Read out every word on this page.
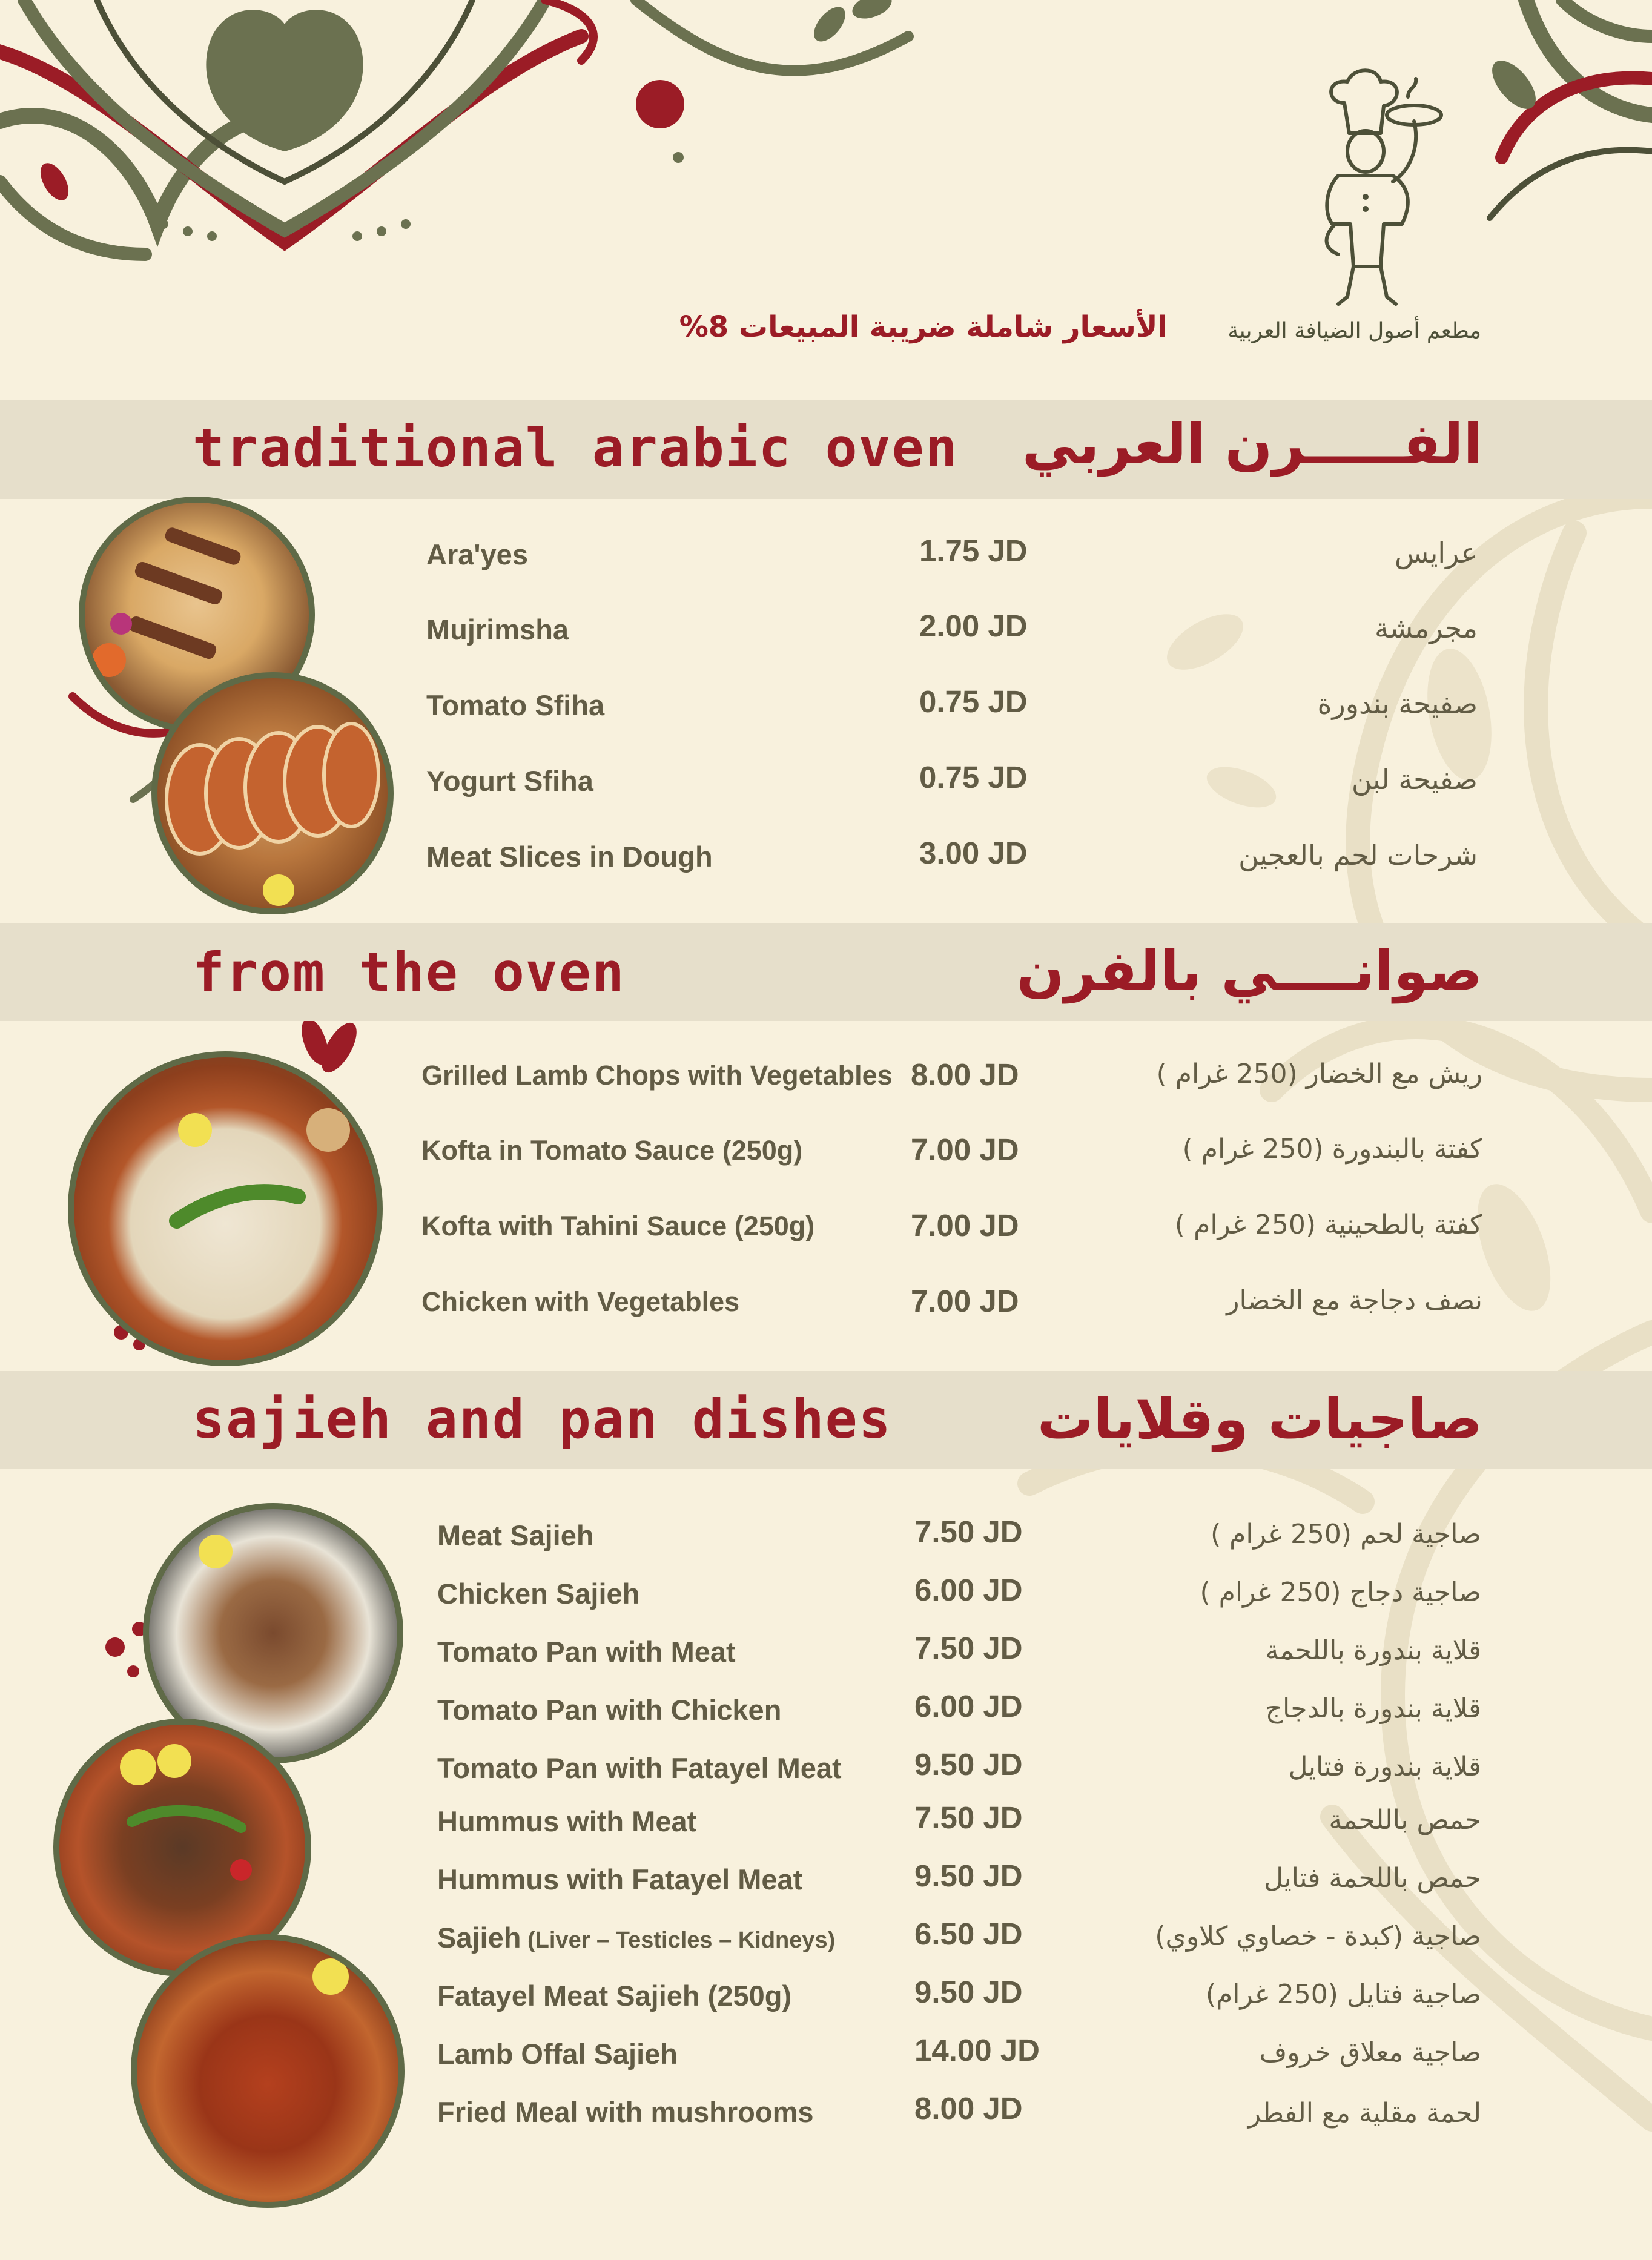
مطعم أصول الضيافة العربية
الأسعار شاملة ضريبة المبيعات 8%
traditional arabic oven الفـــــرن العربي
Ara'yes	1.75 JD	عرايس
Mujrimsha	2.00 JD	مجرمشة
Tomato Sfiha	0.75 JD	صفيحة بندورة
Yogurt Sfiha	0.75 JD	صفيحة لبن
Meat Slices in Dough	3.00 JD	شرحات لحم بالعجين
from the oven	صوانــــي بالفرن
Grilled Lamb Chops with Vegetables 8.00 JD	ريش مع الخضار (250 غرام )
Kofta in Tomato Sauce (250g)	7.00 JD	كفتة بالبندورة (250 غرام )
Kofta with Tahini Sauce (250g)	7.00 JD	كفتة بالطحينية (250 غرام )
Chicken with Vegetables	7.00 JD	نصف دجاجة مع الخضار
sajieh and pan dishes	صاجيات وقلايات
Meat Sajieh	7.50 JD	صاجية لحم (250 غرام )
Chicken Sajieh	6.00 JD	صاجية دجاج (250 غرام )
Tomato Pan with Meat	7.50 JD	قلاية بندورة باللحمة
Tomato Pan with Chicken	6.00 JD	قلاية بندورة بالدجاج
Tomato Pan with Fatayel Meat 9.50 JD	قلاية بندورة فتايل
Hummus with Meat	7.50 JD	حمص باللحمة
Hummus with Fatayel Meat	9.50 JD	حمص باللحمة فتايل
Sajieh (Liver – Testicles – Kidneys)	6.50 JD	صاجية (كبدة - خصاوي كلاوي)
Fatayel Meat Sajieh (250g)	9.50 JD	صاجية فتايل (250 غرام)
Lamb Offal Sajieh	14.00 JD	صاجية معلاق خروف
Fried Meal with mushrooms	8.00 JD	لحمة مقلية مع الفطر
